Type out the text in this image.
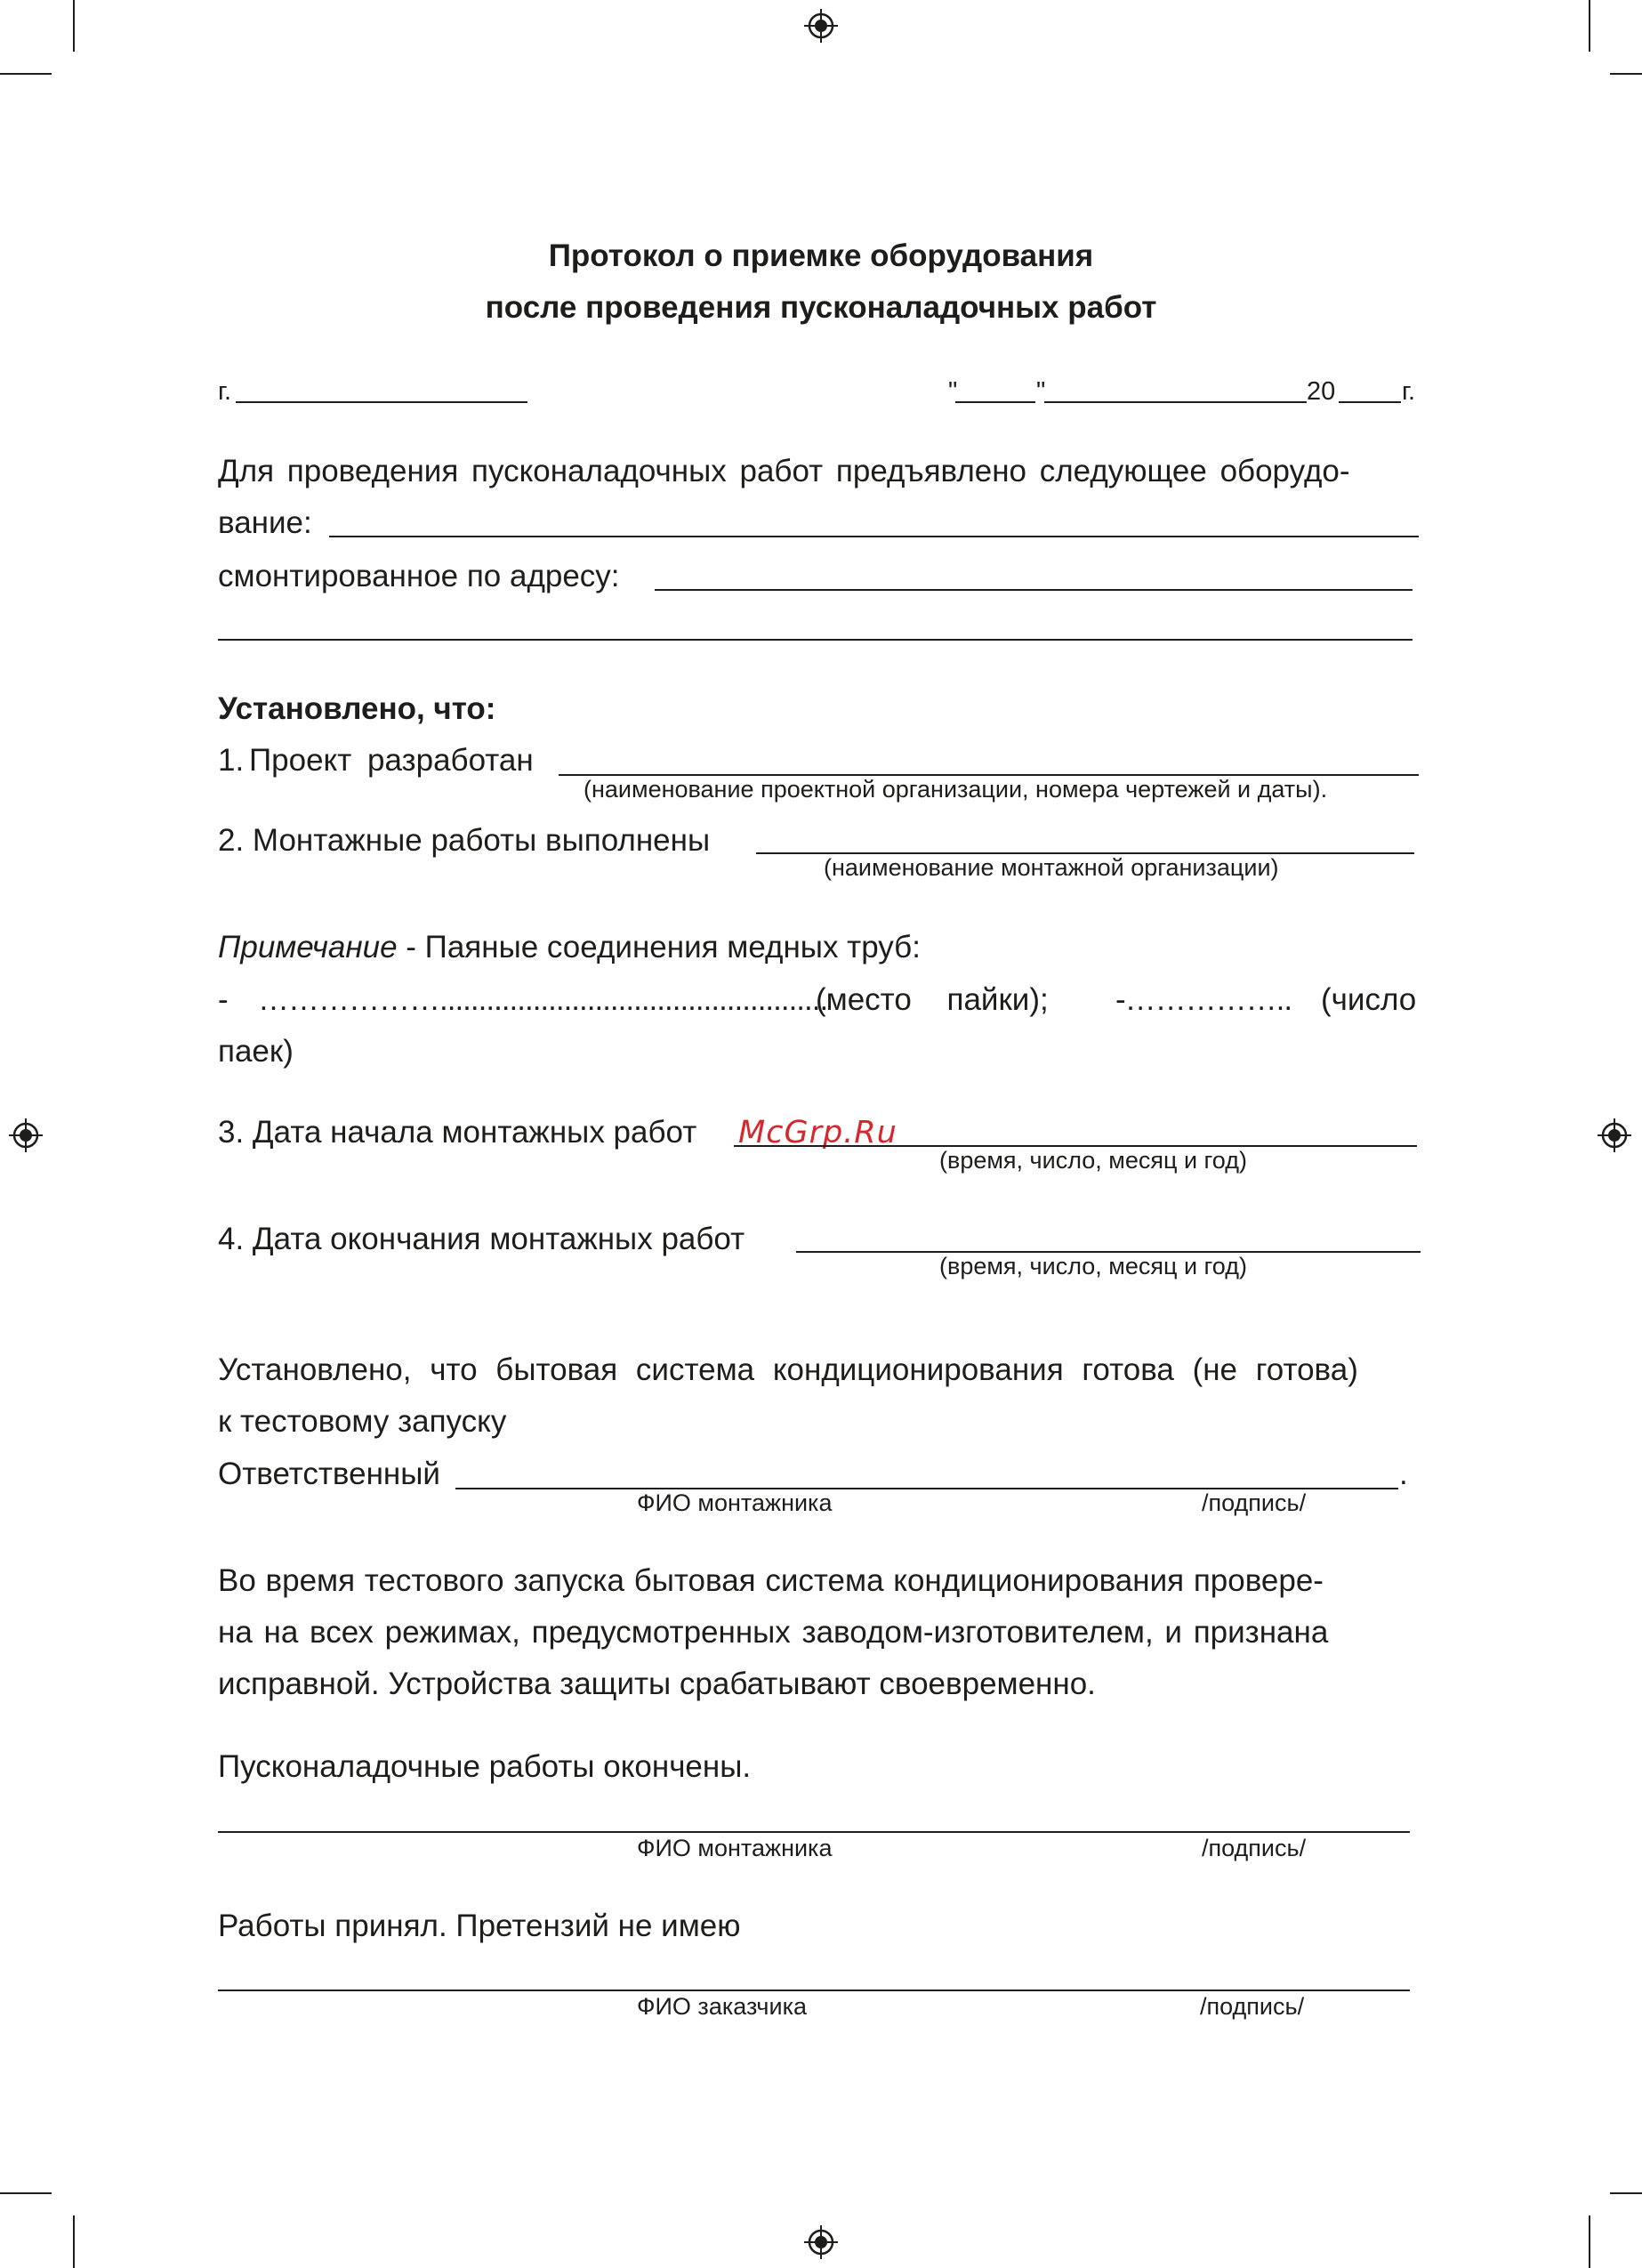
Протокол о приемке оборудования
после проведения пусконаладочных работ
г.	"	"	20	г.
Для проведения пусконаладочных работ предъявлено следующее оборудо-
вание:
смонтированное по адресу:
Установлено, что:
1. Проект разработан
(наименование проектной организации, номера чертежей и даты).
2. Монтажные работы выполнены
(наименование монтажной организации)
Примечание - Паяные соединения медных труб:
- ………………..................................................
(место пайки); -…………….. (число
паек)
3. Дата начала монтажных работ McGrp.Ru
(время, число, месяц и год)
4. Дата окончания монтажных работ
(время, число, месяц и год)
Установлено, что бытовая система кондиционирования готова (не готова)
к тестовому запуску
Ответственный	.
ФИО монтажника	/подпись/
Во время тестового запуска бытовая система кондиционирования провере-
на на всех режимах, предусмотренных заводом-изготовителем, и признана
исправной. Устройства защиты срабатывают своевременно.
Пусконаладочные работы окончены.
ФИО монтажника	/подпись/
Работы принял. Претензий не имею
ФИО заказчика	/подпись/
